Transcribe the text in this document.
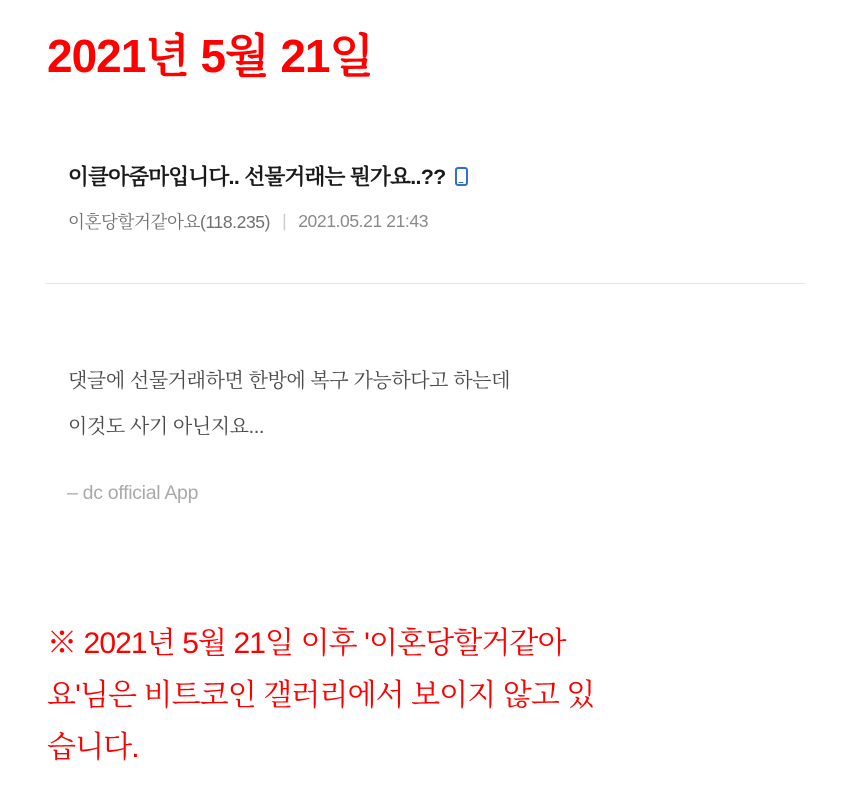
2021년 5월 21일
이클아줌마입니다.. 선물거래는 뭔가요..??
이혼당할거같아요(118.235) | 2021.05.21 21:43
댓글에 선물거래하면 한방에 복구 가능하다고 하는데
이것도 사기 아닌지요...
– dc official App
※ 2021년 5월 21일 이후 '이혼당할거같아
요'님은 비트코인 갤러리에서 보이지 않고 있
습니다.
